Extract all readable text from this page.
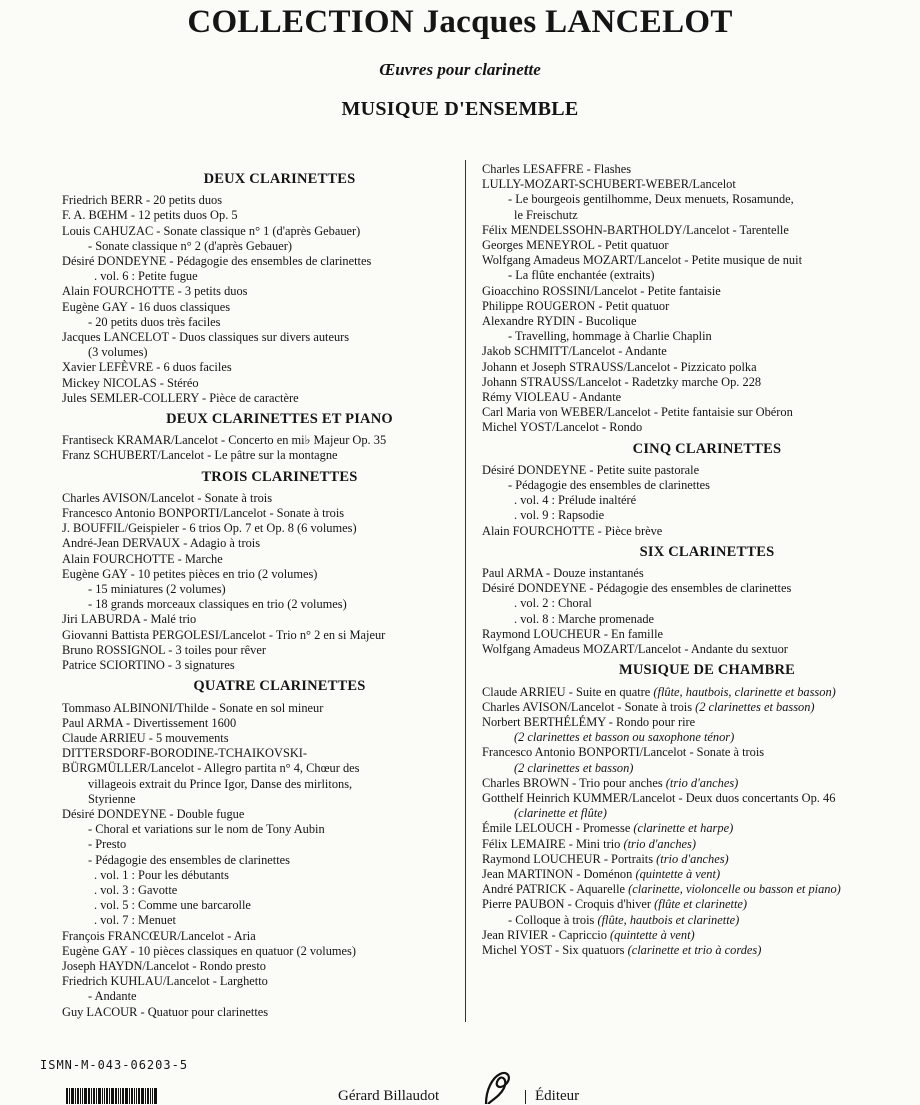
COLLECTION Jacques LANCELOT
Œuvres pour clarinette
MUSIQUE D'ENSEMBLE
DEUX CLARINETTES
Friedrich BERR - 20 petits duos
F. A. BŒHM - 12 petits duos Op. 5
Louis CAHUZAC - Sonate classique n° 1 (d'après Gebauer)
- Sonate classique n° 2 (d'après Gebauer)
Désiré DONDEYNE - Pédagogie des ensembles de clarinettes
. vol. 6 : Petite fugue
Alain FOURCHOTTE - 3 petits duos
Eugène GAY - 16 duos classiques
- 20 petits duos très faciles
Jacques LANCELOT - Duos classiques sur divers auteurs
(3 volumes)
Xavier LEFÈVRE - 6 duos faciles
Mickey NICOLAS - Stéréo
Jules SEMLER-COLLERY - Pièce de caractère
DEUX CLARINETTES ET PIANO
Frantiseck KRAMAR/Lancelot - Concerto en mi♭ Majeur Op. 35
Franz SCHUBERT/Lancelot - Le pâtre sur la montagne
TROIS CLARINETTES
Charles AVISON/Lancelot - Sonate à trois
Francesco Antonio BONPORTI/Lancelot - Sonate à trois
J. BOUFFIL/Geispieler - 6 trios Op. 7 et Op. 8 (6 volumes)
André-Jean DERVAUX - Adagio à trois
Alain FOURCHOTTE - Marche
Eugène GAY - 10 petites pièces en trio (2 volumes)
- 15 miniatures (2 volumes)
- 18 grands morceaux classiques en trio (2 volumes)
Jiri LABURDA - Malé trio
Giovanni Battista PERGOLESI/Lancelot - Trio n° 2 en si Majeur
Bruno ROSSIGNOL - 3 toiles pour rêver
Patrice SCIORTINO - 3 signatures
QUATRE CLARINETTES
Tommaso ALBINONI/Thilde - Sonate en sol mineur
Paul ARMA - Divertissement 1600
Claude ARRIEU - 5 mouvements
DITTERSDORF-BORODINE-TCHAIKOVSKI-
BÜRGMÜLLER/Lancelot - Allegro partita n° 4, Chœur des
villageois extrait du Prince Igor, Danse des mirlitons,
Styrienne
Désiré DONDEYNE - Double fugue
- Choral et variations sur le nom de Tony Aubin
- Presto
- Pédagogie des ensembles de clarinettes
. vol. 1 : Pour les débutants
. vol. 3 : Gavotte
. vol. 5 : Comme une barcarolle
. vol. 7 : Menuet
François FRANCŒUR/Lancelot - Aria
Eugène GAY - 10 pièces classiques en quatuor (2 volumes)
Joseph HAYDN/Lancelot - Rondo presto
Friedrich KUHLAU/Lancelot - Larghetto
- Andante
Guy LACOUR - Quatuor pour clarinettes
Charles LESAFFRE - Flashes
LULLY-MOZART-SCHUBERT-WEBER/Lancelot
- Le bourgeois gentilhomme, Deux menuets, Rosamunde,
le Freischutz
Félix MENDELSSOHN-BARTHOLDY/Lancelot - Tarentelle
Georges MENEYROL - Petit quatuor
Wolfgang Amadeus MOZART/Lancelot - Petite musique de nuit
- La flûte enchantée (extraits)
Gioacchino ROSSINI/Lancelot - Petite fantaisie
Philippe ROUGERON - Petit quatuor
Alexandre RYDIN - Bucolique
- Travelling, hommage à Charlie Chaplin
Jakob SCHMITT/Lancelot - Andante
Johann et Joseph STRAUSS/Lancelot - Pizzicato polka
Johann STRAUSS/Lancelot - Radetzky marche Op. 228
Rémy VIOLEAU - Andante
Carl Maria von WEBER/Lancelot - Petite fantaisie sur Obéron
Michel YOST/Lancelot - Rondo
CINQ CLARINETTES
Désiré DONDEYNE - Petite suite pastorale
- Pédagogie des ensembles de clarinettes
. vol. 4 : Prélude inaltéré
. vol. 9 : Rapsodie
Alain FOURCHOTTE - Pièce brève
SIX CLARINETTES
Paul ARMA - Douze instantanés
Désiré DONDEYNE - Pédagogie des ensembles de clarinettes
. vol. 2 : Choral
. vol. 8 : Marche promenade
Raymond LOUCHEUR - En famille
Wolfgang Amadeus MOZART/Lancelot - Andante du sextuor
MUSIQUE DE CHAMBRE
Claude ARRIEU - Suite en quatre (flûte, hautbois, clarinette et basson)
Charles AVISON/Lancelot - Sonate à trois (2 clarinettes et basson)
Norbert BERTHÉLÉMY - Rondo pour rire
(2 clarinettes et basson ou saxophone ténor)
Francesco Antonio BONPORTI/Lancelot - Sonate à trois
(2 clarinettes et basson)
Charles BROWN - Trio pour anches (trio d'anches)
Gotthelf Heinrich KUMMER/Lancelot - Deux duos concertants Op. 46
(clarinette et flûte)
Émile LELOUCH - Promesse (clarinette et harpe)
Félix LEMAIRE - Mini trio (trio d'anches)
Raymond LOUCHEUR - Portraits (trio d'anches)
Jean MARTINON - Doménon (quintette à vent)
André PATRICK - Aquarelle (clarinette, violoncelle ou basson et piano)
Pierre PAUBON - Croquis d'hiver (flûte et clarinette)
- Colloque à trois (flûte, hautbois et clarinette)
Jean RIVIER - Capriccio (quintette à vent)
Michel YOST - Six quatuors (clarinette et trio à cordes)
ISMN-M-043-06203-5
Gérard Billaudot	Éditeur
